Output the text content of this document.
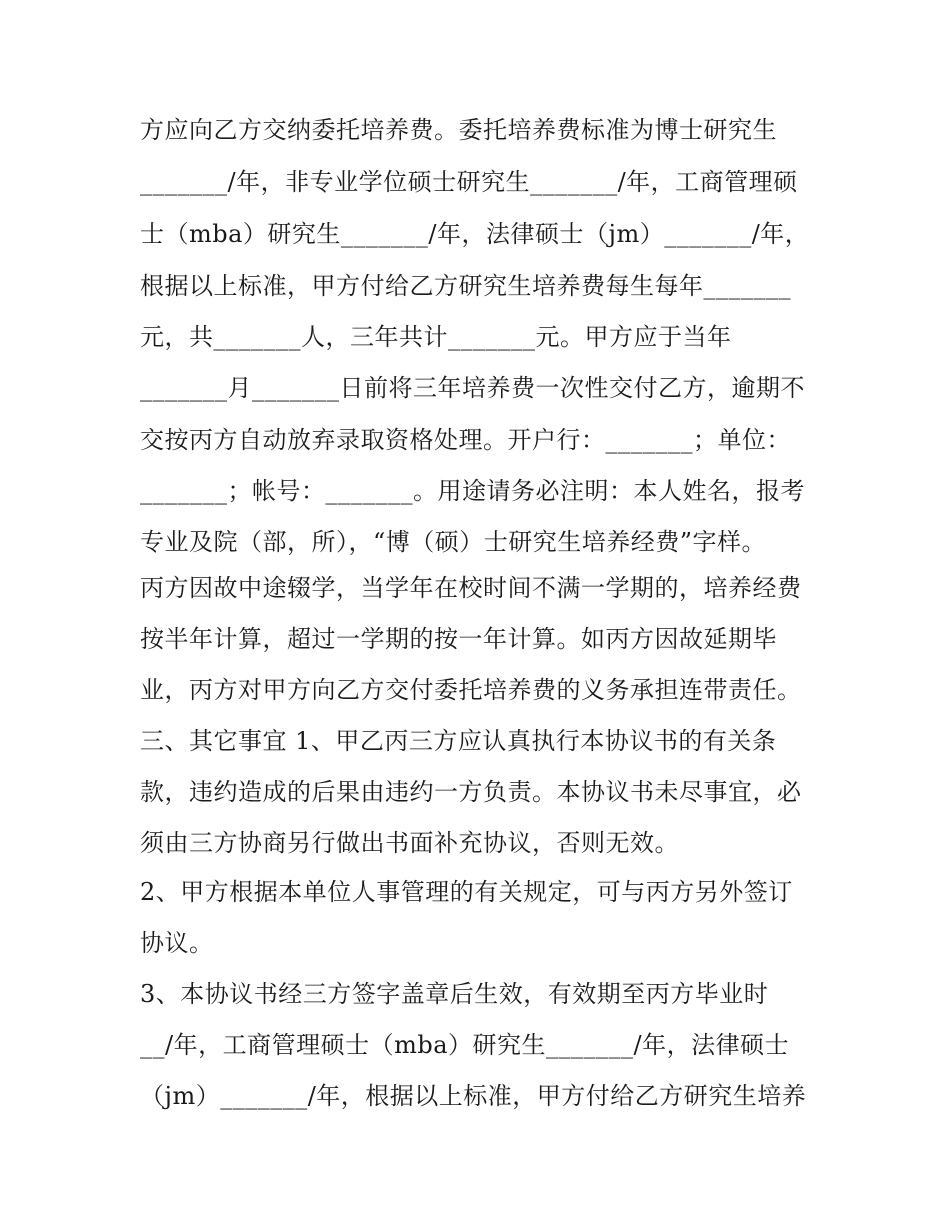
方应向乙方交纳委托培养费。委托培养费标准为博士研究生
_______/年，非专业学位硕士研究生_______/年，工商管理硕
士（mba）研究生_______/年，法律硕士（jm）_______/年，
根据以上标准，甲方付给乙方研究生培养费每生每年_______
元，共_______人，三年共计_______元。甲方应于当年
_______月_______日前将三年培养费一次性交付乙方，逾期不
交按丙方自动放弃录取资格处理。开户行：_______；单位：
_______；帐号：_______。用途请务必注明：本人姓名，报考
专业及院（部，所），“博（硕）士研究生培养经费”字样。
丙方因故中途辍学，当学年在校时间不满一学期的，培养经费
按半年计算，超过一学期的按一年计算。如丙方因故延期毕
业，丙方对甲方向乙方交付委托培养费的义务承担连带责任。
三、其它事宜 1、甲乙丙三方应认真执行本协议书的有关条
款，违约造成的后果由违约一方负责。本协议书未尽事宜，必
须由三方协商另行做出书面补充协议，否则无效。
2、甲方根据本单位人事管理的有关规定，可与丙方另外签订
协议。
3、本协议书经三方签字盖章后生效，有效期至丙方毕业时
__/年，工商管理硕士（mba）研究生_______/年，法律硕士
（jm）_______/年，根据以上标准，甲方付给乙方研究生培养
